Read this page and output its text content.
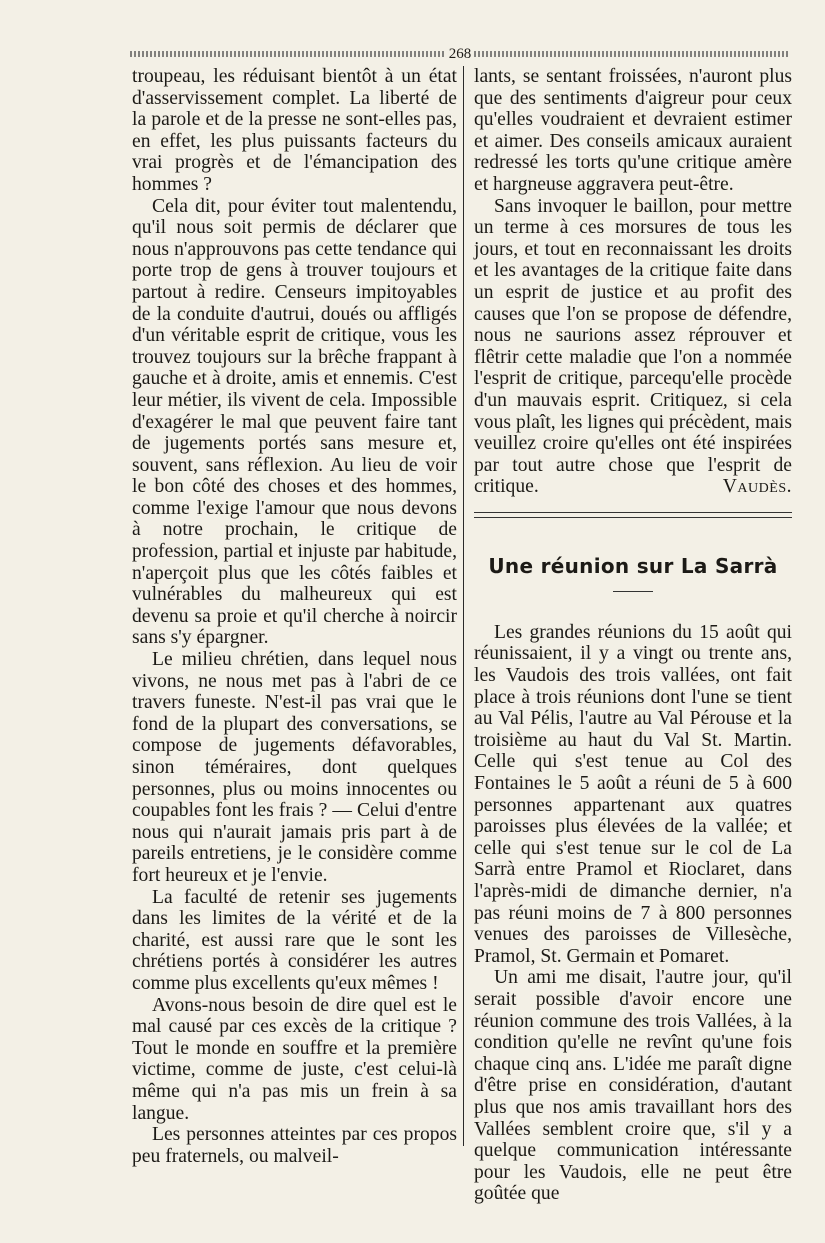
268

troupeau, les réduisant bientôt à un état d'asservissement complet. La liberté de la parole et de la presse ne sont-elles pas, en effet, les plus puissants facteurs du vrai progrès et de l'émancipation des hommes ?

Cela dit, pour éviter tout malentendu, qu'il nous soit permis de déclarer que nous n'approuvons pas cette tendance qui porte trop de gens à trouver toujours et partout à redire. Censeurs impitoyables de la conduite d'autrui, doués ou affligés d'un véritable esprit de critique, vous les trouvez toujours sur la brêche frappant à gauche et à droite, amis et ennemis. C'est leur métier, ils vivent de cela. Impossible d'exagérer le mal que peuvent faire tant de jugements portés sans mesure et, souvent, sans réflexion. Au lieu de voir le bon côté des choses et des hommes, comme l'exige l'amour que nous devons à notre prochain, le critique de profession, partial et injuste par habitude, n'aperçoit plus que les côtés faibles et vulnérables du malheureux qui est devenu sa proie et qu'il cherche à noircir sans s'y épargner.

Le milieu chrétien, dans lequel nous vivons, ne nous met pas à l'abri de ce travers funeste. N'est-il pas vrai que le fond de la plupart des conversations, se compose de jugements défavorables, sinon téméraires, dont quelques personnes, plus ou moins innocentes ou coupables font les frais ? — Celui d'entre nous qui n'aurait jamais pris part à de pareils entretiens, je le considère comme fort heureux et je l'envie.

La faculté de retenir ses jugements dans les limites de la vérité et de la charité, est aussi rare que le sont les chrétiens portés à considérer les autres comme plus excellents qu'eux mêmes !

Avons-nous besoin de dire quel est le mal causé par ces excès de la critique ? Tout le monde en souffre et la première victime, comme de juste, c'est celui-là même qui n'a pas mis un frein à sa langue.

Les personnes atteintes par ces propos peu fraternels, ou malveil-

lants, se sentant froissées, n'auront plus que des sentiments d'aigreur pour ceux qu'elles voudraient et devraient estimer et aimer. Des conseils amicaux auraient redressé les torts qu'une critique amère et hargneuse aggravera peut-être.

Sans invoquer le baillon, pour mettre un terme à ces morsures de tous les jours, et tout en reconnaissant les droits et les avantages de la critique faite dans un esprit de justice et au profit des causes que l'on se propose de défendre, nous ne saurions assez réprouver et flêtrir cette maladie que l'on a nommée l'esprit de critique, parcequ'elle procède d'un mauvais esprit. Critiquez, si cela vous plaît, les lignes qui précèdent, mais veuillez croire qu'elles ont été inspirées par tout autre chose que l'esprit de critique.	Vaudès.

Une réunion sur La Sarrà

Les grandes réunions du 15 août qui réunissaient, il y a vingt ou trente ans, les Vaudois des trois vallées, ont fait place à trois réunions dont l'une se tient au Val Pélis, l'autre au Val Pérouse et la troisième au haut du Val St. Martin. Celle qui s'est tenue au Col des Fontaines le 5 août a réuni de 5 à 600 personnes appartenant aux quatres paroisses plus élevées de la vallée; et celle qui s'est tenue sur le col de La Sarrà entre Pramol et Rioclaret, dans l'après-midi de dimanche dernier, n'a pas réuni moins de 7 à 800 personnes venues des paroisses de Villesèche, Pramol, St. Germain et Pomaret.

Un ami me disait, l'autre jour, qu'il serait possible d'avoir encore une réunion commune des trois Vallées, à la condition qu'elle ne revînt qu'une fois chaque cinq ans. L'idée me paraît digne d'être prise en considération, d'autant plus que nos amis travaillant hors des Vallées semblent croire que, s'il y a quelque communication intéressante pour les Vaudois, elle ne peut être goûtée que
